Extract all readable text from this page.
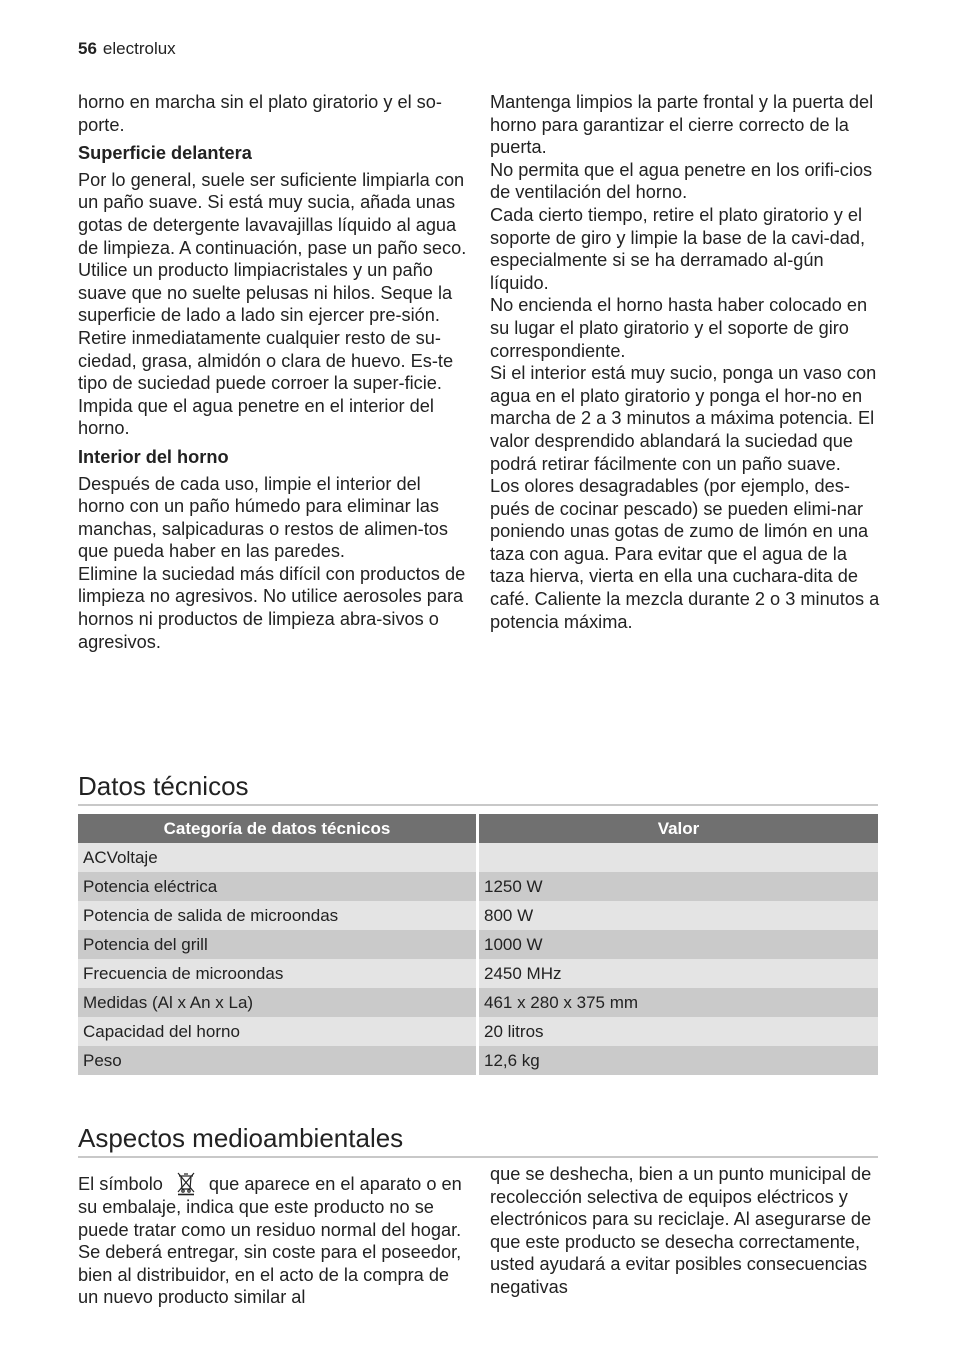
56 electrolux

horno en marcha sin el plato giratorio y el so-porte.

Superficie delantera

Por lo general, suele ser suficiente limpiarla con un paño suave. Si está muy sucia, añada unas gotas de detergente lavavajillas líquido al agua de limpieza. A continuación, pase un paño seco.

Utilice un producto limpiacristales y un paño suave que no suelte pelusas ni hilos. Seque la superficie de lado a lado sin ejercer pre-sión.

Retire inmediatamente cualquier resto de su-ciedad, grasa, almidón o clara de huevo. Es-te tipo de suciedad puede corroer la super-ficie.

Impida que el agua penetre en el interior del horno.

Interior del horno

Después de cada uso, limpie el interior del horno con un paño húmedo para eliminar las manchas, salpicaduras o restos de alimen-tos que pueda haber en las paredes.

Elimine la suciedad más difícil con productos de limpieza no agresivos. No utilice aerosoles para hornos ni productos de limpieza abra-sivos o agresivos.

Mantenga limpios la parte frontal y la puerta del horno para garantizar el cierre correcto de la puerta.

No permita que el agua penetre en los orifi-cios de ventilación del horno.

Cada cierto tiempo, retire el plato giratorio y el soporte de giro y limpie la base de la cavi-dad, especialmente si se ha derramado al-gún líquido.

No encienda el horno hasta haber colocado en su lugar el plato giratorio y el soporte de giro correspondiente.

Si el interior está muy sucio, ponga un vaso con agua en el plato giratorio y ponga el hor-no en marcha de 2 a 3 minutos a máxima potencia. El valor desprendido ablandará la suciedad que podrá retirar fácilmente con un paño suave.

Los olores desagradables (por ejemplo, des-pués de cocinar pescado) se pueden elimi-nar poniendo unas gotas de zumo de limón en una taza con agua. Para evitar que el agua de la taza hierva, vierta en ella una cuchara-dita de café. Caliente la mezcla durante 2 o 3 minutos a potencia máxima.

Datos técnicos
Categoría de datos técnicos	Valor
ACVoltaje	
Potencia eléctrica	1250 W
Potencia de salida de microondas	800 W
Potencia del grill	1000 W
Frecuencia de microondas	2450 MHz
Medidas (Al x An x La)	461 x 280 x 375 mm
Capacidad del horno	20 litros
Peso	12,6 kg
Aspectos medioambientales

El símbolo	que aparece en el aparato o en su embalaje, indica que este producto no se puede tratar como un residuo normal del hogar. Se deberá entregar, sin coste para el poseedor, bien al distribuidor, en el acto de la compra de un nuevo producto similar al

que se deshecha, bien a un punto municipal de recolección selectiva de equipos eléctricos y electrónicos para su reciclaje. Al asegurarse de que este producto se desecha correctamente, usted ayudará a evitar posibles consecuencias negativas
